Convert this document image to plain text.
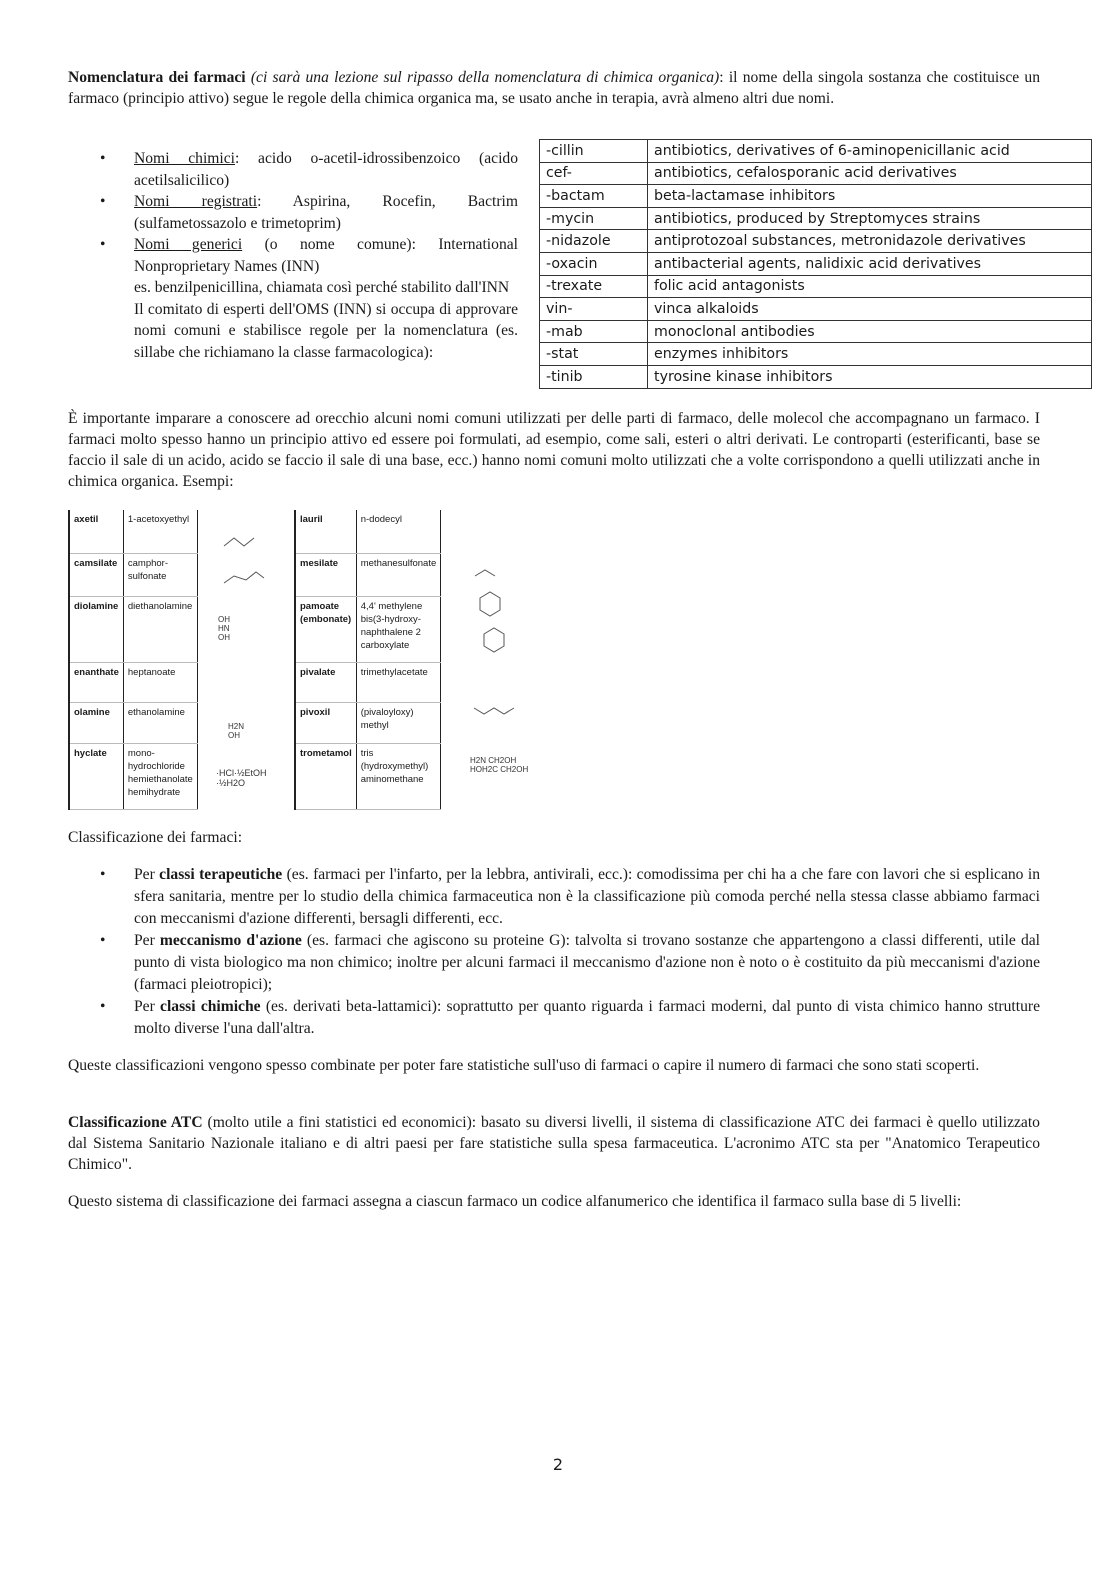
Nomenclatura dei farmaci (ci sarà una lezione sul ripasso della nomenclatura di chimica organica): il nome della singola sostanza che costituisce un farmaco (principio attivo) segue le regole della chimica organica ma, se usato anche in terapia, avrà almeno altri due nomi.

• Nomi chimici: acido o-acetil-idrossibenzoico (acido acetilsalicilico)
• Nomi registrati: Aspirina, Rocefin, Bactrim (sulfametossazolo e trimetoprim)
• Nomi generici (o nome comune): International Nonproprietary Names (INN)
es. benzilpenicillina, chiamata così perché stabilito dall'INN
Il comitato di esperti dell'OMS (INN) si occupa di approvare nomi comuni e stabilisce regole per la nomenclatura (es. sillabe che richiamano la classe farmacologica):
-cillin	antibiotics, derivatives of 6-aminopenicillanic acid
cef-	antibiotics, cefalosporanic acid derivatives
-bactam	beta-lactamase inhibitors
-mycin	antibiotics, produced by Streptomyces strains
-nidazole	antiprotozoal substances, metronidazole derivatives
-oxacin	antibacterial agents, nalidixic acid derivatives
-trexate	folic acid antagonists
vin-	vinca alkaloids
-mab	monoclonal antibodies
-stat	enzymes inhibitors
-tinib	tyrosine kinase inhibitors

È importante imparare a conoscere ad orecchio alcuni nomi comuni utilizzati per delle parti di farmaco, delle molecol che accompagnano un farmaco. I farmaci molto spesso hanno un principio attivo ed essere poi formulati, ad esempio, come sali, esteri o altri derivati. Le controparti (esterificanti, base se faccio il sale di un acido, acido se faccio il sale di una base, ecc.) hanno nomi comuni molto utilizzati che a volte corrispondono a quelli utilizzati anche in chimica organica. Esempi:

axetil	1-acetoxyethyl
camsilate	camphor-sulfonate
diolamine	diethanolamine
enanthate	heptanoate
olamine	ethanolamine
hyclate	mono-hydrochloride hemiethanolate hemihydrate
lauril	n-dodecyl
mesilate	methanesulfonate
pamoate (embonate)	4,4' methylene bis(3-hydroxy-naphthalene 2 carboxylate
pivalate	trimethylacetate
pivoxil	(pivaloyloxy) methyl
trometamol	tris (hydroxymethyl) aminomethane
OH HN OH
H2N OH
·HCl·½EtOH ·½H2O
H2N CH2OH HOH2C CH2OH

Classificazione dei farmaci:

• Per classi terapeutiche (es. farmaci per l'infarto, per la lebbra, antivirali, ecc.): comodissima per chi ha a che fare con lavori che si esplicano in sfera sanitaria, mentre per lo studio della chimica farmaceutica non è la classificazione più comoda perché nella stessa classe abbiamo farmaci con meccanismi d'azione differenti, bersagli differenti, ecc.
• Per meccanismo d'azione (es. farmaci che agiscono su proteine G): talvolta si trovano sostanze che appartengono a classi differenti, utile dal punto di vista biologico ma non chimico; inoltre per alcuni farmaci il meccanismo d'azione non è noto o è costituito da più meccanismi d'azione (farmaci pleiotropici);
• Per classi chimiche (es. derivati beta-lattamici): soprattutto per quanto riguarda i farmaci moderni, dal punto di vista chimico hanno strutture molto diverse l'una dall'altra.

Queste classificazioni vengono spesso combinate per poter fare statistiche sull'uso di farmaci o capire il numero di farmaci che sono stati scoperti.

Classificazione ATC (molto utile a fini statistici ed economici): basato su diversi livelli, il sistema di classificazione ATC dei farmaci è quello utilizzato dal Sistema Sanitario Nazionale italiano e di altri paesi per fare statistiche sulla spesa farmaceutica. L'acronimo ATC sta per "Anatomico Terapeutico Chimico".

Questo sistema di classificazione dei farmaci assegna a ciascun farmaco un codice alfanumerico che identifica il farmaco sulla base di 5 livelli:

2
